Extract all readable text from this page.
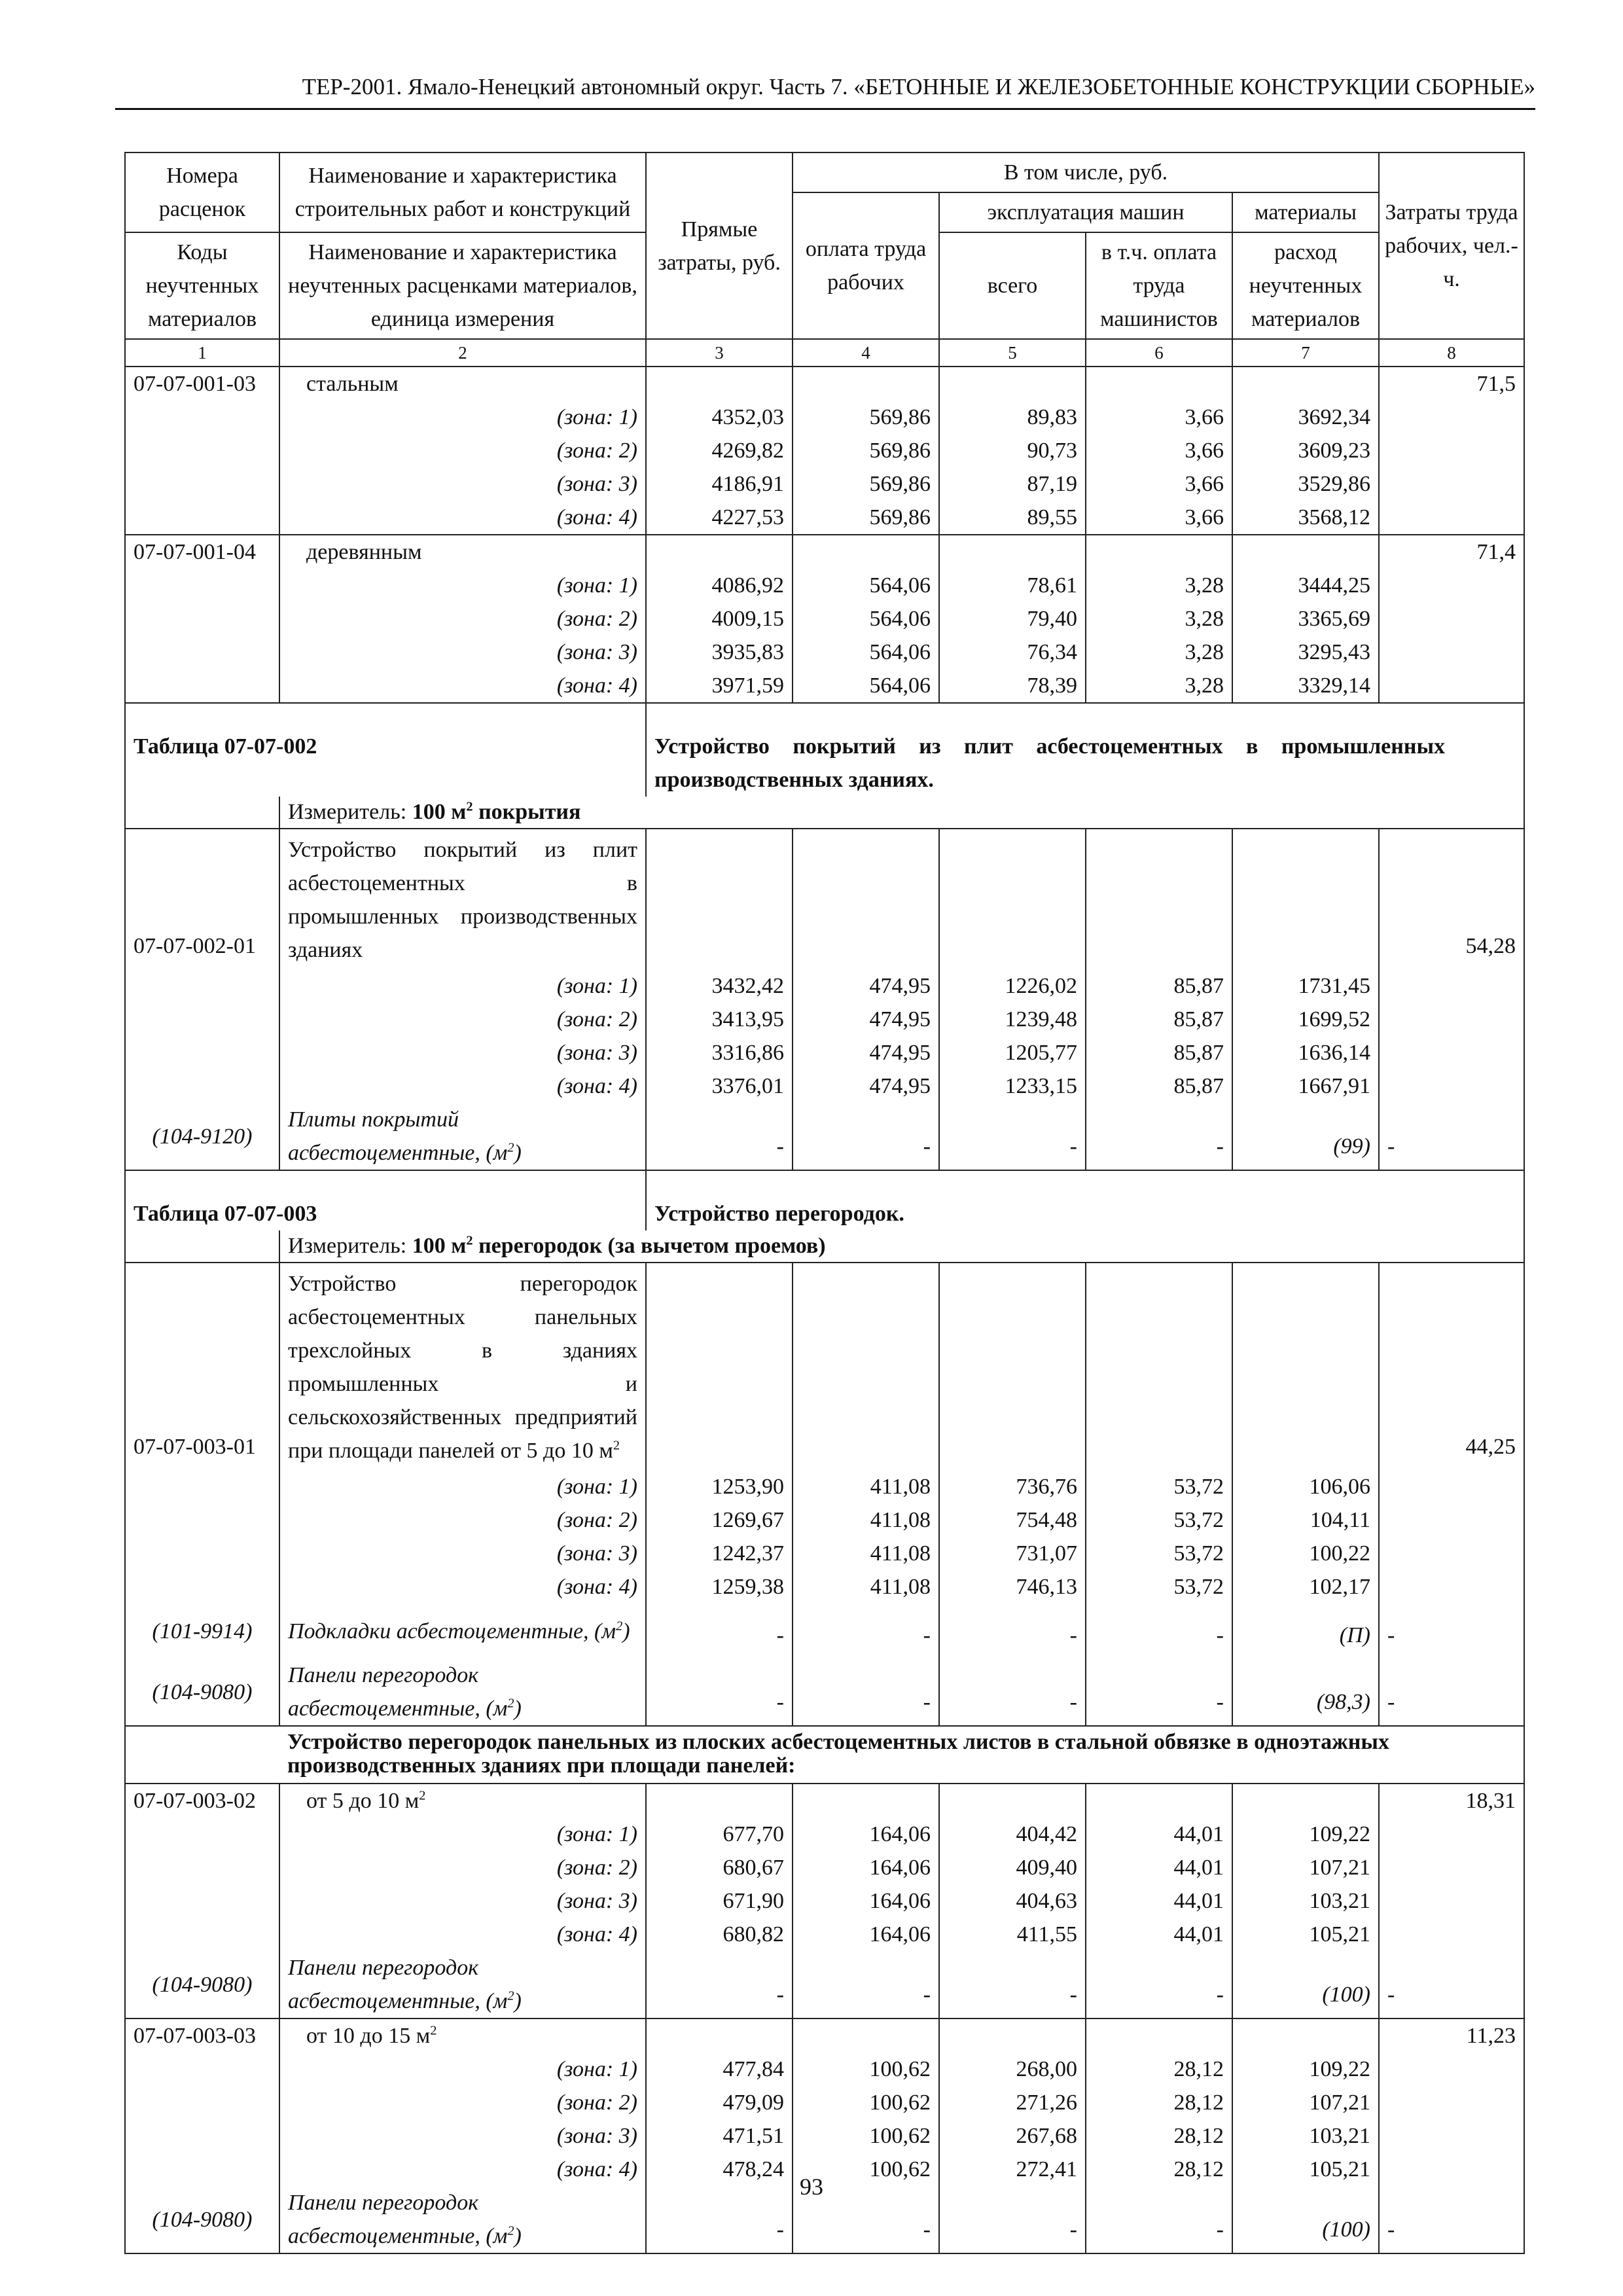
ТЕР-2001. Ямало-Ненецкий автономный округ. Часть 7. «БЕТОННЫЕ И ЖЕЛЕЗОБЕТОННЫЕ КОНСТРУКЦИИ СБОРНЫЕ»
Номера расценок	Наименование и характеристика строительных работ и конструкций	Прямые затраты, руб.	В том числе, руб.				Затраты труда рабочих, чел.-ч.
			оплата труда рабочих	эксплуатация машин		материалы	
Коды неучтенных материалов	Наименование и характеристика неучтенных расценками материалов, единица измерения			всего	в т.ч. оплата труда машинистов	расход неучтенных материалов	
1	2	3	4	5	6	7	8
07-07-001-03	стальным						71,5
	(зона: 1)	4352,03	569,86	89,83	3,66	3692,34	
	(зона: 2)	4269,82	569,86	90,73	3,66	3609,23	
	(зона: 3)	4186,91	569,86	87,19	3,66	3529,86	
	(зона: 4)	4227,53	569,86	89,55	3,66	3568,12	
07-07-001-04	деревянным						71,4
	(зона: 1)	4086,92	564,06	78,61	3,28	3444,25	
	(зона: 2)	4009,15	564,06	79,40	3,28	3365,69	
	(зона: 3)	3935,83	564,06	76,34	3,28	3295,43	
	(зона: 4)	3971,59	564,06	78,39	3,28	3329,14	
Таблица 07-07-002		Устройство покрытий из плит асбестоцементных в промышленных производственных зданиях.					
	Измеритель: 100 $м^2$ покрытия						
07-07-002-01	Устройство покрытий из плит асбестоцементных в промышленных производственных зданиях						54,28
	(зона: 1)	3432,42	474,95	1226,02	85,87	1731,45	
	(зона: 2)	3413,95	474,95	1239,48	85,87	1699,52	
	(зона: 3)	3316,86	474,95	1205,77	85,87	1636,14	
	(зона: 4)	3376,01	474,95	1233,15	85,87	1667,91	
(104-9120)	Плиты покрытий асбестоцементные, $(м^2)$	-	-	-	-	(99)	-
Таблица 07-07-003		Устройство перегородок.					
	Измеритель: 100 $м^2$ перегородок (за вычетом проемов)						
07-07-003-01	Устройство перегородок асбестоцементных панельных трехслойных в зданиях промышленных и сельскохозяйственных предприятий при площади панелей от 5 до 10 $м^2$						44,25
	(зона: 1)	1253,90	411,08	736,76	53,72	106,06	
	(зона: 2)	1269,67	411,08	754,48	53,72	104,11	
	(зона: 3)	1242,37	411,08	731,07	53,72	100,22	
	(зона: 4)	1259,38	411,08	746,13	53,72	102,17	
(101-9914)	Подкладки асбестоцементные, $(м^2)$	-	-	-	-	(П)	-
(104-9080)	Панели перегородок асбестоцементные, $(м^2)$	-	-	-	-	(98,3)	-
	Устройство перегородок панельных из плоских асбестоцементных листов в стальной обвязке в одноэтажных производственных зданиях при площади панелей:						
07-07-003-02	от 5 до 10 $м^2$						18,31
	(зона: 1)	677,70	164,06	404,42	44,01	109,22	
	(зона: 2)	680,67	164,06	409,40	44,01	107,21	
	(зона: 3)	671,90	164,06	404,63	44,01	103,21	
	(зона: 4)	680,82	164,06	411,55	44,01	105,21	
(104-9080)	Панели перегородок асбестоцементные, $(м^2)$	-	-	-	-	(100)	-
07-07-003-03	от 10 до 15 $м^2$						11,23
	(зона: 1)	477,84	100,62	268,00	28,12	109,22	
	(зона: 2)	479,09	100,62	271,26	28,12	107,21	
	(зона: 3)	471,51	100,62	267,68	28,12	103,21	
	(зона: 4)	478,24	100,62	272,41	28,12	105,21	
(104-9080)	Панели перегородок асбестоцементные, $(м^2)$	-	-	-	-	(100)	-
93
